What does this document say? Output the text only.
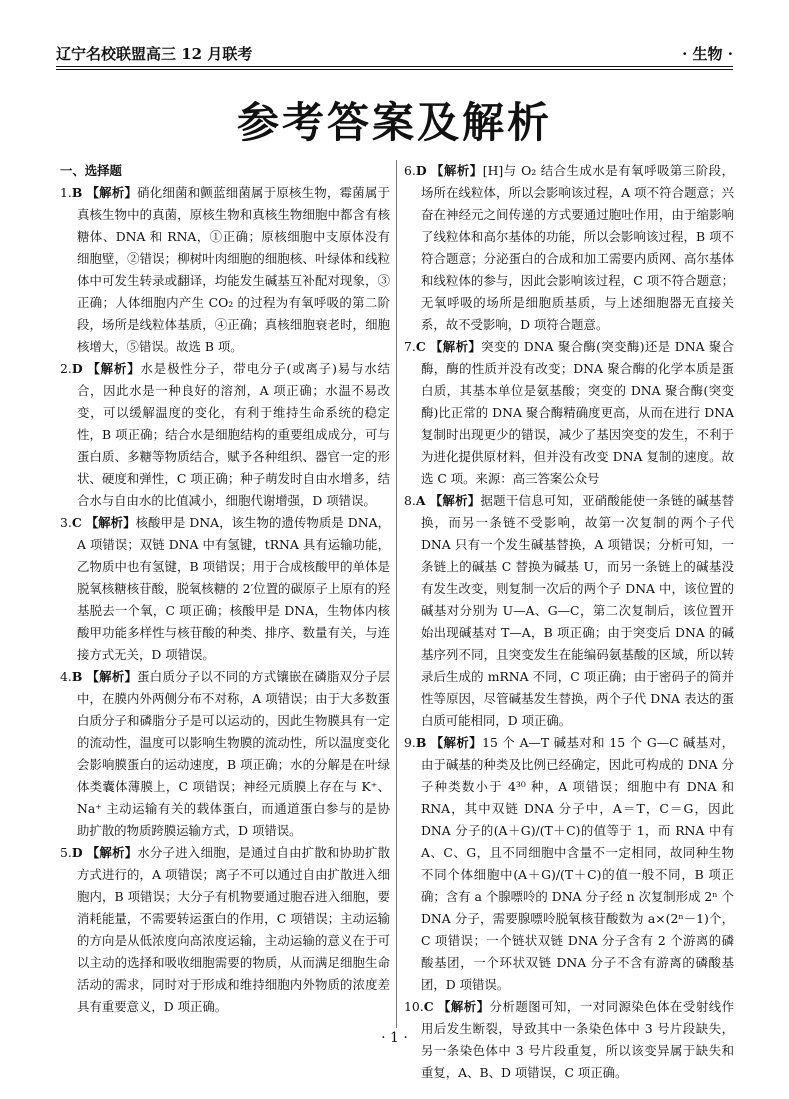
辽宁名校联盟高三 12 月联考	· 生物 ·
参考答案及解析

一、选择题

1.B 【解析】硝化细菌和颤蓝细菌属于原核生物，霉菌属于真核生物中的真菌，原核生物和真核生物细胞中都含有核糖体、DNA 和 RNA，①正确；原核细胞中支原体没有细胞壁，②错误；柳树叶肉细胞的细胞核、叶绿体和线粒体中可发生转录或翻译，均能发生碱基互补配对现象，③正确；人体细胞内产生 CO₂ 的过程为有氧呼吸的第二阶段，场所是线粒体基质，④正确；真核细胞衰老时，细胞核增大，⑤错误。故选 B 项。

2.D 【解析】水是极性分子，带电分子(或离子)易与水结合，因此水是一种良好的溶剂，A 项正确；水温不易改变，可以缓解温度的变化，有利于维持生命系统的稳定性，B 项正确；结合水是细胞结构的重要组成成分，可与蛋白质、多糖等物质结合，赋予各种组织、器官一定的形状、硬度和弹性，C 项正确；种子萌发时自由水增多，结合水与自由水的比值减小，细胞代谢增强，D 项错误。

3.C 【解析】核酸甲是 DNA，该生物的遗传物质是 DNA，A 项错误；双链 DNA 中有氢键，tRNA 具有运输功能，乙物质中也有氢键，B 项错误；用于合成核酸甲的单体是脱氧核糖核苷酸，脱氧核糖的 2′位置的碳原子上原有的羟基脱去一个氧，C 项正确；核酸甲是 DNA，生物体内核酸甲功能多样性与核苷酸的种类、排序、数量有关，与连接方式无关，D 项错误。

4.B 【解析】蛋白质分子以不同的方式镶嵌在磷脂双分子层中，在膜内外两侧分布不对称，A 项错误；由于大多数蛋白质分子和磷脂分子是可以运动的，因此生物膜具有一定的流动性，温度可以影响生物膜的流动性，所以温度变化会影响膜蛋白的运动速度，B 项正确；水的分解是在叶绿体类囊体薄膜上，C 项错误；神经元质膜上存在与 K⁺、Na⁺ 主动运输有关的载体蛋白，而通道蛋白参与的是协助扩散的物质跨膜运输方式，D 项错误。

5.D 【解析】水分子进入细胞，是通过自由扩散和协助扩散方式进行的，A 项错误；离子不可以通过自由扩散进入细胞内，B 项错误；大分子有机物要通过胞吞进入细胞，要消耗能量，不需要转运蛋白的作用，C 项错误；主动运输的方向是从低浓度向高浓度运输，主动运输的意义在于可以主动的选择和吸收细胞需要的物质，从而满足细胞生命活动的需求，同时对于形成和维持细胞内外物质的浓度差具有重要意义，D 项正确。

6.D 【解析】[H]与 O₂ 结合生成水是有氧呼吸第三阶段，场所在线粒体，所以会影响该过程，A 项不符合题意；兴奋在神经元之间传递的方式要通过胞吐作用，由于缩影响了线粒体和高尔基体的功能，所以会影响该过程，B 项不符合题意；分泌蛋白的合成和加工需要内质网、高尔基体和线粒体的参与，因此会影响该过程，C 项不符合题意；无氧呼吸的场所是细胞质基质，与上述细胞器无直接关系，故不受影响，D 项符合题意。

7.C 【解析】突变的 DNA 聚合酶(突变酶)还是 DNA 聚合酶，酶的性质并没有改变；DNA 聚合酶的化学本质是蛋白质，其基本单位是氨基酸；突变的 DNA 聚合酶(突变酶)比正常的 DNA 聚合酶精确度更高，从而在进行 DNA 复制时出现更少的错误，减少了基因突变的发生，不利于为进化提供原材料，但并没有改变 DNA 复制的速度。故选 C 项。来源：高三答案公众号

8.A 【解析】据题干信息可知，亚硝酸能使一条链的碱基替换，而另一条链不受影响，故第一次复制的两个子代 DNA 只有一个发生碱基替换，A 项错误；分析可知，一条链上的碱基 C 替换为碱基 U，而另一条链上的碱基没有发生改变，则复制一次后的两个子 DNA 中，该位置的碱基对分别为 U—A、G—C，第二次复制后，该位置开始出现碱基对 T—A，B 项正确；由于突变后 DNA 的碱基序列不同，且突变发生在能编码氨基酸的区域，所以转录后生成的 mRNA 不同，C 项正确；由于密码子的简并性等原因，尽管碱基发生替换，两个子代 DNA 表达的蛋白质可能相同，D 项正确。

9.B 【解析】15 个 A—T 碱基对和 15 个 G—C 碱基对，由于碱基的种类及比例已经确定，因此可构成的 DNA 分子种类数小于 4³⁰ 种，A 项错误；细胞中有 DNA 和 RNA，其中双链 DNA 分子中，A＝T，C＝G，因此 DNA 分子的(A＋G)/(T＋C)的值等于 1，而 RNA 中有 A、C、G，且不同细胞中含量不一定相同，故同种生物不同个体细胞中(A＋G)/(T＋C)的值一般不同，B 项正确；含有 a 个腺嘌呤的 DNA 分子经 n 次复制形成 2ⁿ 个 DNA 分子，需要腺嘌呤脱氧核苷酸数为 a×(2ⁿ－1)个，C 项错误；一个链状双链 DNA 分子含有 2 个游离的磷酸基团，一个环状双链 DNA 分子不含有游离的磷酸基团，D 项错误。

10.C 【解析】分析题图可知，一对同源染色体在受射线作用后发生断裂，导致其中一条染色体中 3 号片段缺失，另一条染色体中 3 号片段重复，所以该变异属于缺失和重复，A、B、D 项错误，C 项正确。

· 1 ·
